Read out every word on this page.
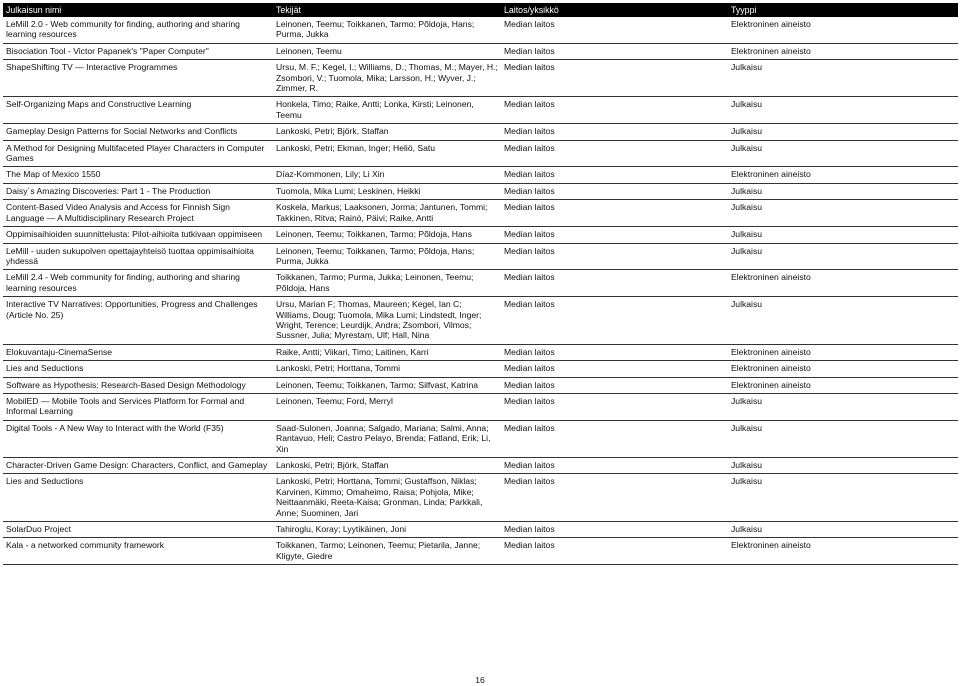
Julkaisun nimi	Tekijät	Laitos/yksikkö	Tyyppi
LeMill 2.0 - Web community for finding, authoring and sharing learning resources	Leinonen, Teemu; Toikkanen, Tarmo; Põldoja, Hans; Purma, Jukka	Median laitos	Elektroninen aineisto
Bisociation Tool - Victor Papanek's "Paper Computer"	Leinonen, Teemu	Median laitos	Elektroninen aineisto
ShapeShifting TV — Interactive Programmes	Ursu, M. F.; Kegel, I.; Williams, D.; Thomas, M.; Mayer, H.; Zsombori, V.; Tuomola, Mika; Larsson, H.; Wyver, J.; Zimmer, R.	Median laitos	Julkaisu
Self-Organizing Maps and Constructive Learning	Honkela, Timo; Raike, Antti; Lonka, Kirsti; Leinonen, Teemu	Median laitos	Julkaisu
Gameplay Design Patterns for Social Networks and Conflicts	Lankoski, Petri; Björk, Staffan	Median laitos	Julkaisu
A Method for Designing Multifaceted Player Characters in Computer Games	Lankoski, Petri; Ekman, Inger; Heliö, Satu	Median laitos	Julkaisu
The Map of Mexico 1550	Díaz-Kommonen, Lily; Li Xin	Median laitos	Elektroninen aineisto
Daisy´s Amazing Discoveries: Part 1 - The Production	Tuomola, Mika Lumi; Leskinen, Heikki	Median laitos	Julkaisu
Content-Based Video Analysis and Access for Finnish Sign Language — A Multidisciplinary Research Project	Koskela, Markus; Laaksonen, Jorma; Jantunen, Tommi; Takkinen, Ritva; Rainò, Päivi; Raike, Antti	Median laitos	Julkaisu
Oppimisaihioiden suunnittelusta: Pilot-aihioita tutkivaan oppimiseen	Leinonen, Teemu; Toikkanen, Tarmo; Põldoja, Hans	Median laitos	Julkaisu
LeMill - uuden sukupolven opettajayhteisö tuottaa oppimisaihioita yhdessä	Leinonen, Teemu; Toikkanen, Tarmo; Põldoja, Hans; Purma, Jukka	Median laitos	Julkaisu
LeMill 2.4 - Web community for finding, authoring and sharing learning resources	Toikkanen, Tarmo; Purma, Jukka; Leinonen, Teemu; Põldoja, Hans	Median laitos	Elektroninen aineisto
Interactive TV Narratives: Opportunities, Progress and Challenges (Article No. 25)	Ursu, Marian F; Thomas, Maureen; Kegel, Ian C; Williams, Doug; Tuomola, Mika Lumi; Lindstedt, Inger; Wright, Terence; Leurdijk, Andra; Zsombori, Vilmos; Sussner, Julia; Myrestam, Ulf; Hall, Nina	Median laitos	Julkaisu
Elokuvantaju-CinemaSense	Raike, Antti; Viikari, Timo; Laitinen, Karri	Median laitos	Elektroninen aineisto
Lies and Seductions	Lankoski, Petri; Horttana, Tommi	Median laitos	Elektroninen aineisto
Software as Hypothesis: Research-Based Design Methodology	Leinonen, Teemu; Toikkanen, Tarmo; Silfvast, Katrina	Median laitos	Elektroninen aineisto
MobilED — Mobile Tools and Services Platform for Formal and Informal Learning	Leinonen, Teemu; Ford, Merryl	Median laitos	Julkaisu
Digital Tools - A New Way to Interact with the World (F35)	Saad-Sulonen, Joanna; Salgado, Mariana; Salmi, Anna; Rantavuo, Heli; Castro Pelayo, Brenda; Fatland, Erik; Li, Xin	Median laitos	Julkaisu
Character-Driven Game Design: Characters, Conflict, and Gameplay	Lankoski, Petri; Björk, Staffan	Median laitos	Julkaisu
Lies and Seductions	Lankoski, Petri; Horttana, Tommi; Gustaffson, Niklas; Karvinen, Kimmo; Omaheimo, Raisa; Pohjola, Mike; Neittaanmäki, Reeta-Kaisa; Gronman, Linda; Parkkali, Anne; Suominen, Jari	Median laitos	Julkaisu
SolarDuo Project	Tahiroglu, Koray; Lyytikäinen, Joni	Median laitos	Julkaisu
Kala - a networked community framework	Toikkanen, Tarmo; Leinonen, Teemu; Pietarila, Janne; Kligyte, Giedre	Median laitos	Elektroninen aineisto
16
